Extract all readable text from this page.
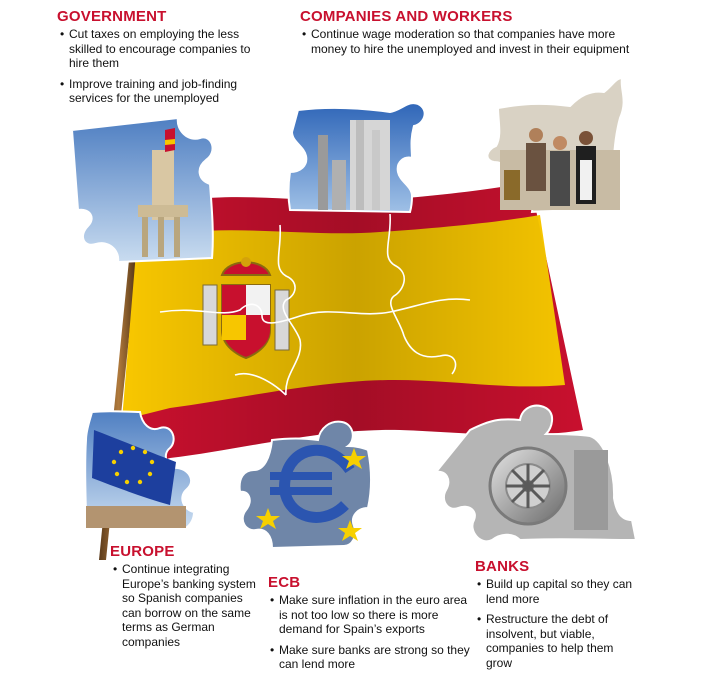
GOVERNMENT
• Cut taxes on employing the less skilled to encourage companies to hire them
• Improve training and job-finding services for the unemployed
COMPANIES AND WORKERS
• Continue wage moderation so that companies have more money to hire the unemployed and invest in their equipment
EUROPE
• Continue integrating Europe’s banking system so Spanish companies can borrow on the same terms as German companies
ECB
• Make sure inflation in the euro area is not too low so there is more demand for Spain’s exports
• Make sure banks are strong so they can lend more
BANKS
• Build up capital so they can lend more
• Restructure the debt of insolvent, but viable, companies to help them grow
